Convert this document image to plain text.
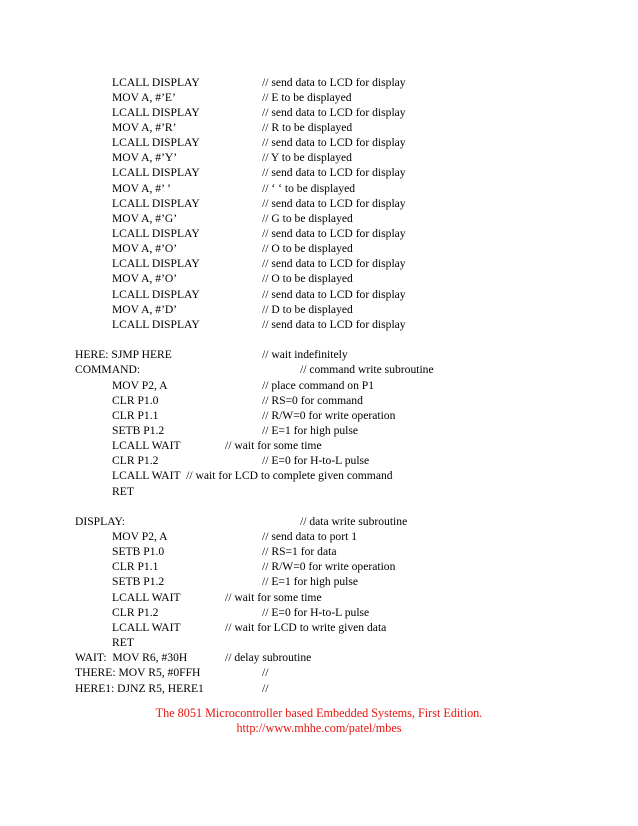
LCALL DISPLAY	// send data to LCD for display
MOV A, #’E’	// E to be displayed
LCALL DISPLAY	// send data to LCD for display
MOV A, #’R’	// R to be displayed
LCALL DISPLAY	// send data to LCD for display
MOV A, #’Y’	// Y to be displayed
LCALL DISPLAY	// send data to LCD for display
MOV A, #’ ’	// ‘ ‘ to be displayed
LCALL DISPLAY	// send data to LCD for display
MOV A, #’G’	// G to be displayed
LCALL DISPLAY	// send data to LCD for display
MOV A, #’O’	// O to be displayed
LCALL DISPLAY	// send data to LCD for display
MOV A, #’O’	// O to be displayed
LCALL DISPLAY	// send data to LCD for display
MOV A, #’D’	// D to be displayed
LCALL DISPLAY	// send data to LCD for display
HERE: SJMP HERE	// wait indefinitely
COMMAND:	// command write subroutine
MOV P2, A	// place command on P1
CLR P1.0	// RS=0 for command
CLR P1.1	// R/W=0 for write operation
SETB P1.2	// E=1 for high pulse
LCALL WAIT	// wait for some time
CLR P1.2	// E=0 for H-to-L pulse
LCALL WAIT  // wait for LCD to complete given command
RET
DISPLAY:	// data write subroutine
MOV P2, A	// send data to port 1
SETB P1.0	// RS=1 for data
CLR P1.1	// R/W=0 for write operation
SETB P1.2	// E=1 for high pulse
LCALL WAIT	// wait for some time
CLR P1.2	// E=0 for H-to-L pulse
LCALL WAIT	// wait for LCD to write given data
RET
WAIT:  MOV R6, #30H	// delay subroutine
THERE: MOV R5, #0FFH	//
HERE1: DJNZ R5, HERE1	//
The 8051 Microcontroller based Embedded Systems, First Edition.
http://www.mhhe.com/patel/mbes
